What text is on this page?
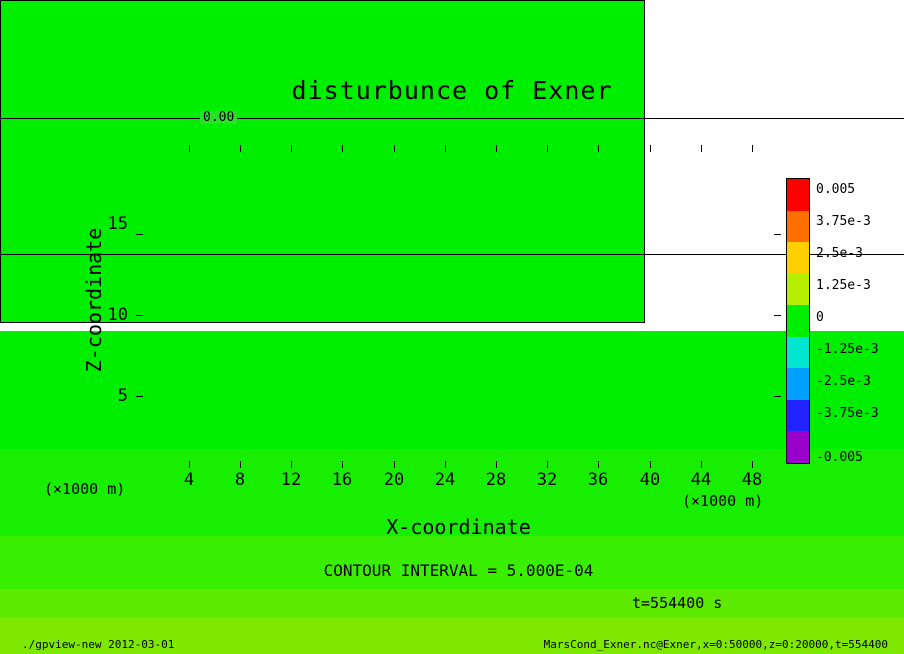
disturbunce of Exner
0.00
4	8	12	16	20	24	28	32	36	40	44	48
5
10
15
Z-coordinate
X-coordinate
(×1000 m)
(×1000 m)
CONTOUR INTERVAL = 5.000E-04
t=554400 s
./gpview-new 2012-03-01	MarsCond_Exner.nc@Exner,x=0:50000,z=0:20000,t=554400
0.005
3.75e-3
2.5e-3
1.25e-3
0
-1.25e-3
-2.5e-3
-3.75e-3
-0.005
